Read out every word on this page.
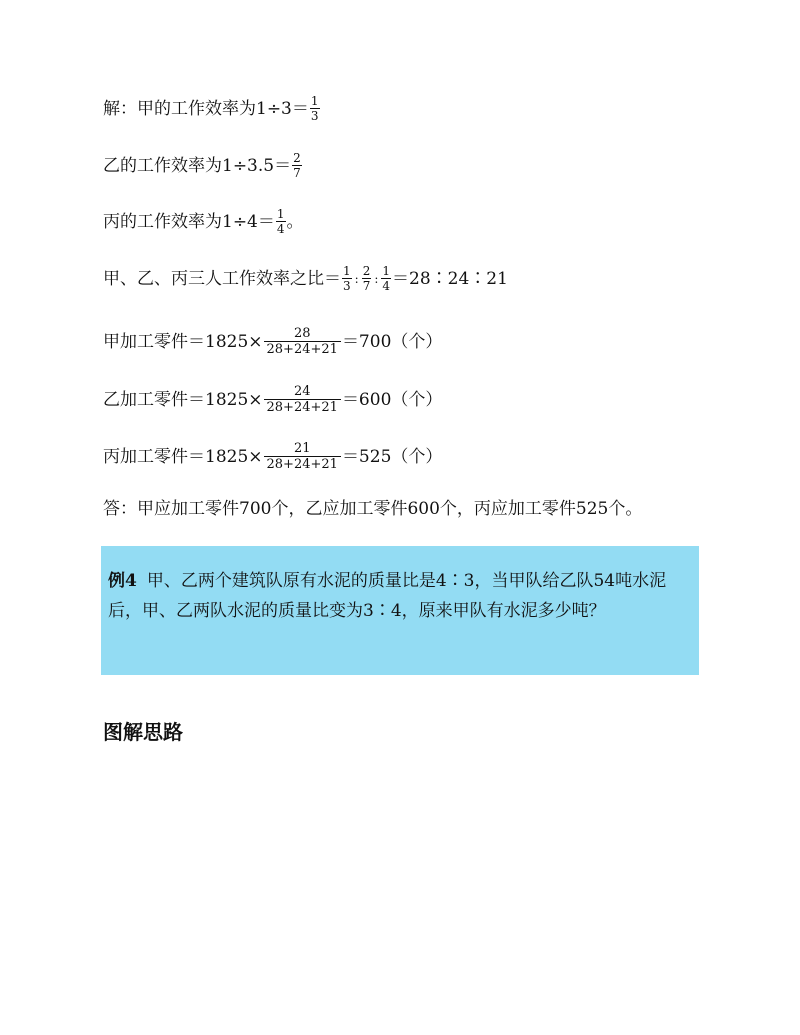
解：甲的工作效率为$1\div 3= \frac{1}{3}$
乙的工作效率为$1\div 3.5= \frac{2}{7}$
丙的工作效率为$1\div 4= \frac{1}{4}$ 。
甲、乙、丙三人工作效率之比＝ $\frac{1}{3}$ : $\frac{2}{7}$ : $\frac{1}{4}$ ＝28∶24∶21
甲加工零件$=1825\times \frac{28}{28+24+21} =700$（个）
乙加工零件$=1825\times \frac{24}{28+24+21} =600$（个）
丙加工零件$=1825\times \frac{21}{28+24+21} =525$（个）
答：甲应加工零件700个，乙应加工零件600个，丙应加工零件525个。
例4 甲、乙两个建筑队原有水泥的质量比是4∶3，当甲队给乙队54吨水泥后，甲、乙两队水泥的质量比变为3∶4，原来甲队有水泥多少吨？
图解思路
